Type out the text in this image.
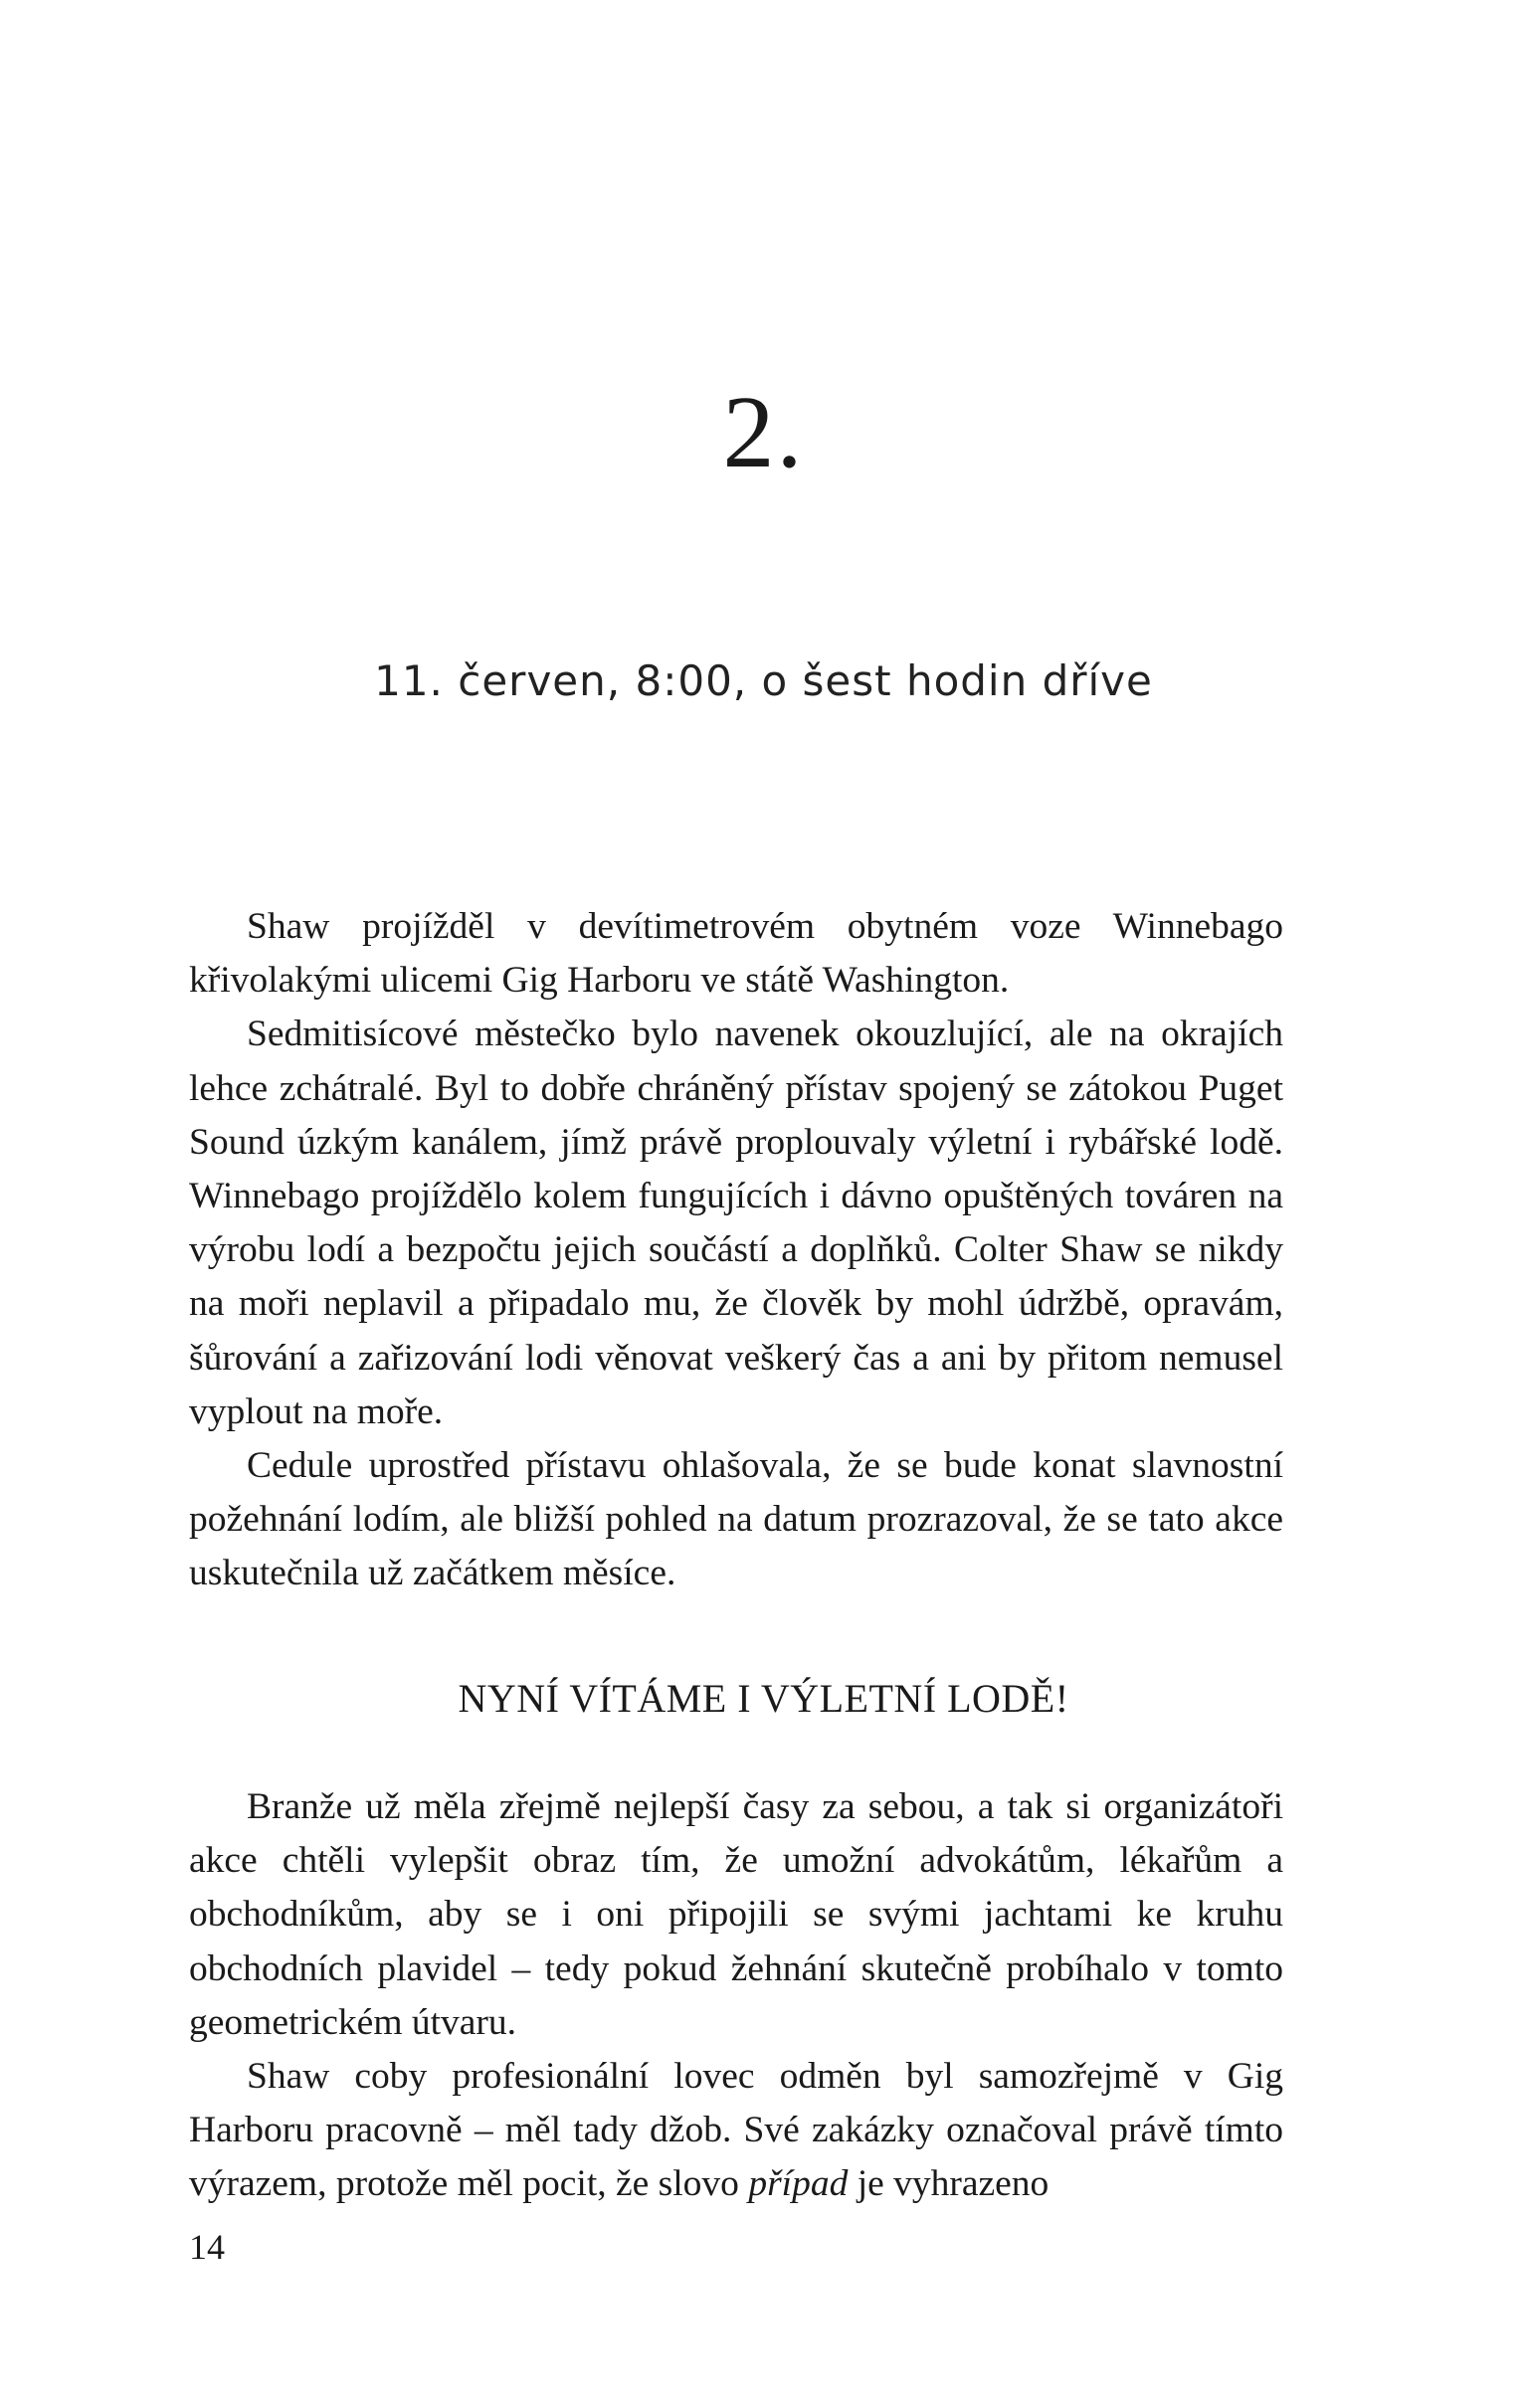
2.
11. červen, 8:00, o šest hodin dříve

Shaw projížděl v devítimetrovém obytném voze Winnebago křivolakými ulicemi Gig Harboru ve státě Washington.

Sedmitisícové městečko bylo navenek okouzlující, ale na okrajích lehce zchátralé. Byl to dobře chráněný přístav spojený se zátokou Puget Sound úzkým kanálem, jímž právě proplouvaly výletní i rybářské lodě. Winnebago projíždělo kolem fungujících i dávno opuštěných továren na výrobu lodí a bezpočtu jejich součástí a doplňků. Colter Shaw se nikdy na moři neplavil a připadalo mu, že člověk by mohl údržbě, opravám, šůrování a zařizování lodi věnovat veškerý čas a ani by přitom nemusel vyplout na moře.

Cedule uprostřed přístavu ohlašovala, že se bude konat slavnostní požehnání lodím, ale bližší pohled na datum prozrazoval, že se tato akce uskutečnila už začátkem měsíce.

NYNÍ VÍTÁME I VÝLETNÍ LODĚ!

Branže už měla zřejmě nejlepší časy za sebou, a tak si organizátoři akce chtěli vylepšit obraz tím, že umožní advokátům, lékařům a obchodníkům, aby se i oni připojili se svými jachtami ke kruhu obchodních plavidel – tedy pokud žehnání skutečně probíhalo v tomto geometrickém útvaru.

Shaw coby profesionální lovec odměn byl samozřejmě v Gig Harboru pracovně – měl tady džob. Své zakázky označoval právě tímto výrazem, protože měl pocit, že slovo případ je vyhrazeno

14
